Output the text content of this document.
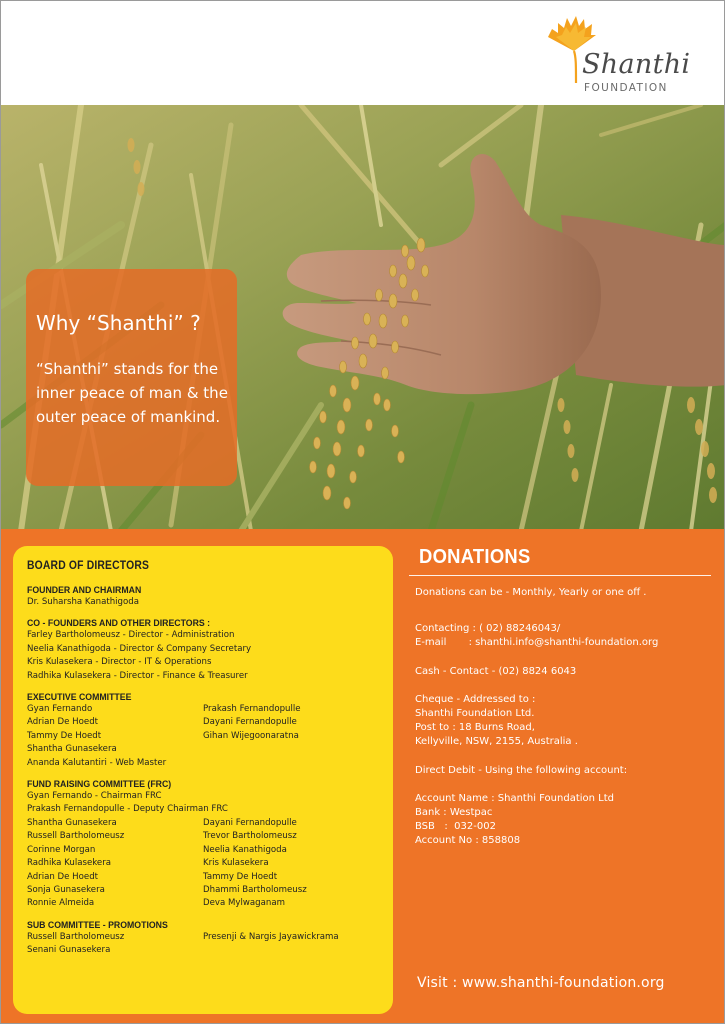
Shanthi
FOUNDATION
Why “Shanthi” ?
“Shanthi” stands for the inner peace of man & the outer peace of mankind.
BOARD OF DIRECTORS
FOUNDER AND CHAIRMAN
Dr. Suharsha Kanathigoda
CO - FOUNDERS AND OTHER DIRECTORS :
Farley Bartholomeusz - Director - Administration
Neelia Kanathigoda - Director & Company Secretary
Kris Kulasekera - Director - IT & Operations
Radhika Kulasekera - Director - Finance & Treasurer
EXECUTIVE COMMITTEE
Gyan Fernando
Adrian De Hoedt
Tammy De Hoedt
Shantha Gunasekera
Ananda Kalutantiri - Web Master
Prakash Fernandopulle
Dayani Fernandopulle
Gihan Wijegoonaratna
FUND RAISING COMMITTEE (FRC)
Gyan Fernando - Chairman FRC
Prakash Fernandopulle - Deputy Chairman FRC
Shantha Gunasekera
Russell Bartholomeusz
Corinne Morgan
Radhika Kulasekera
Adrian De Hoedt
Sonja Gunasekera
Ronnie Almeida
Dayani Fernandopulle
Trevor Bartholomeusz
Neelia Kanathigoda
Kris Kulasekera
Tammy De Hoedt
Dhammi Bartholomeusz
Deva Mylwaganam
SUB COMMITTEE - PROMOTIONS
Russell Bartholomeusz
Senani Gunasekera
Presenji & Nargis Jayawickrama
DONATIONS
Donations can be - Monthly, Yearly or one off .
Contacting : ( 02) 88246043/
E-mail       : shanthi.info@shanthi-foundation.org
Cash - Contact - (02) 8824 6043
Cheque - Addressed to :
Shanthi Foundation Ltd.
Post to : 18 Burns Road,
Kellyville, NSW, 2155, Australia .
Direct Debit - Using the following account:
Account Name : Shanthi Foundation Ltd
Bank : Westpac
BSB   :  032-002
Account No : 858808
Visit : www.shanthi-foundation.org
